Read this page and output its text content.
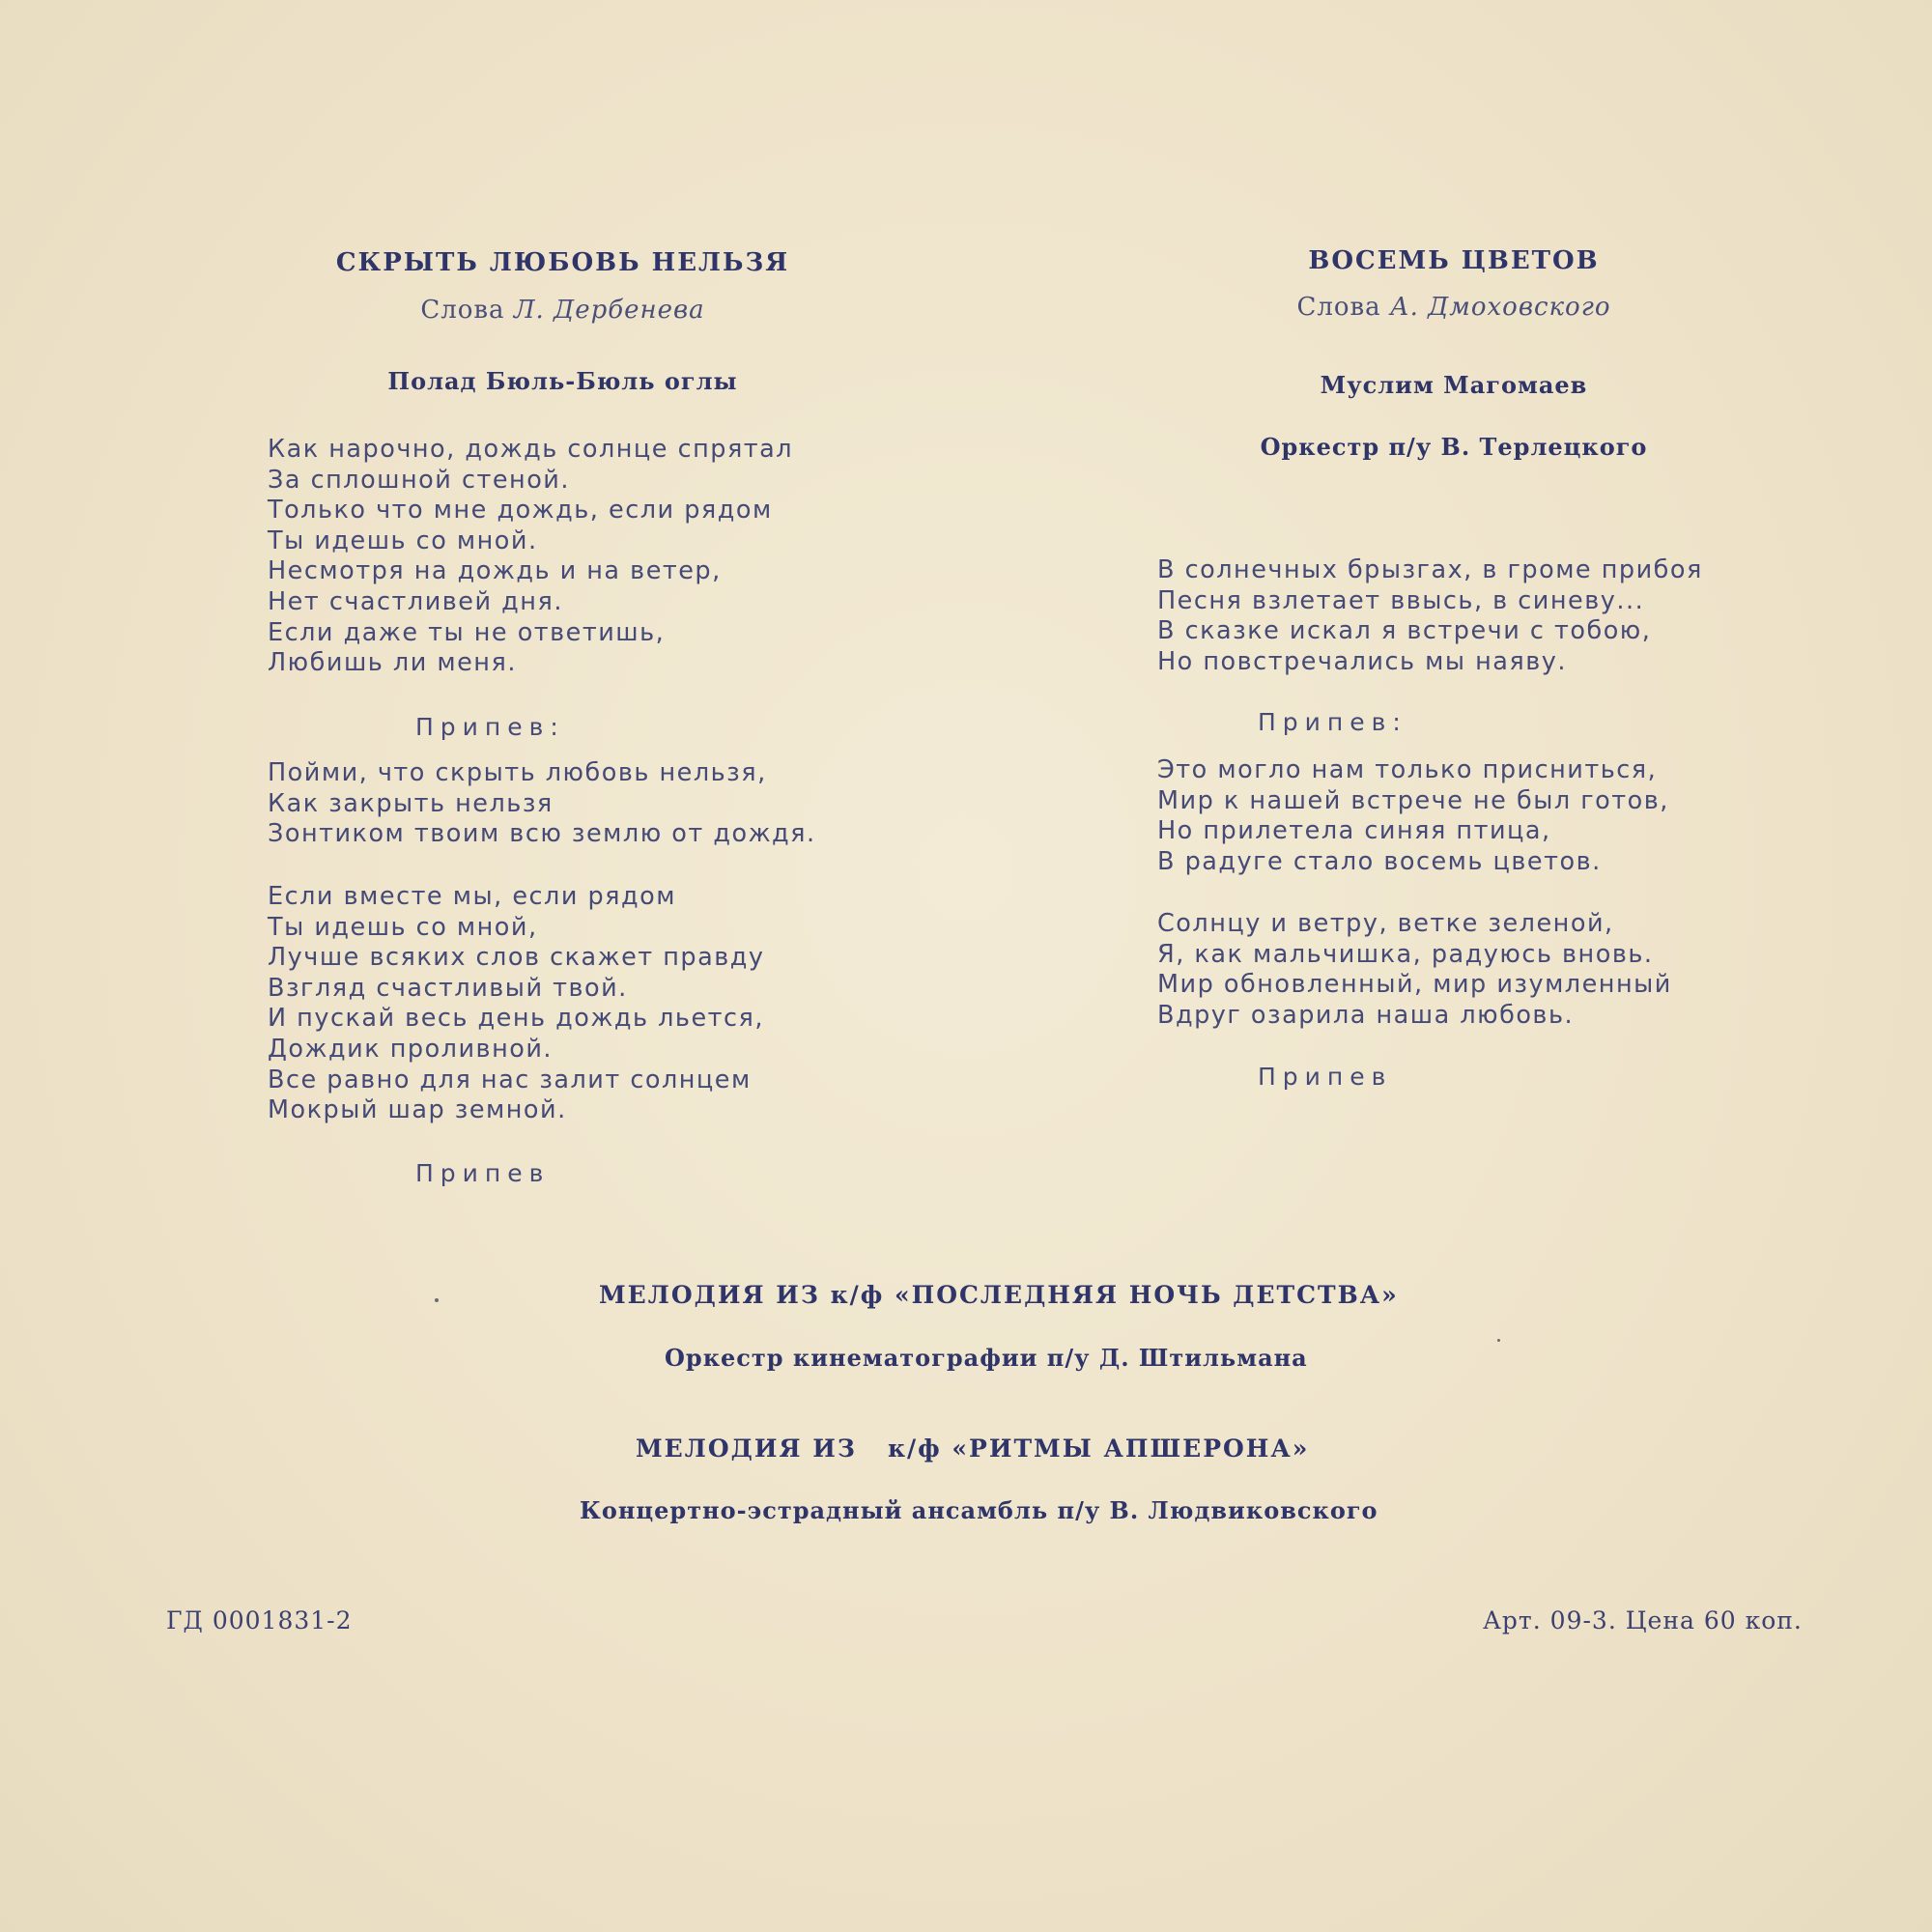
СКРЫТЬ ЛЮБОВЬ НЕЛЬЗЯ
Слова Л. Дербенева
Полад Бюль-Бюль оглы
Как нарочно, дождь солнце спрятал
За сплошной стеной.
Только что мне дождь, если рядом
Ты идешь со мной.
Несмотря на дождь и на ветер,
Нет счастливей дня.
Если даже ты не ответишь,
Любишь ли меня.
Припев:
Пойми, что скрыть любовь нельзя,
Как закрыть нельзя
Зонтиком твоим всю землю от дождя.
Если вместе мы, если рядом
Ты идешь со мной,
Лучше всяких слов скажет правду
Взгляд счастливый твой.
И пускай весь день дождь льется,
Дождик проливной.
Все равно для нас залит солнцем
Мокрый шар земной.
Припев
ВОСЕМЬ ЦВЕТОВ
Слова А. Дмоховского
Муслим Магомаев
Оркестр п/у В. Терлецкого
В солнечных брызгах, в громе прибоя
Песня взлетает ввысь, в синеву...
В сказке искал я встречи с тобою,
Но повстречались мы наяву.
Припев:
Это могло нам только присниться,
Мир к нашей встрече не был готов,
Но прилетела синяя птица,
В радуге стало восемь цветов.
Солнцу и ветру, ветке зеленой,
Я, как мальчишка, радуюсь вновь.
Мир обновленный, мир изумленный
Вдруг озарила наша любовь.
Припев
МЕЛОДИЯ ИЗ к/ф «ПОСЛЕДНЯЯ НОЧЬ ДЕТСТВА»
Оркестр кинематографии п/у Д. Штильмана
МЕЛОДИЯ ИЗ   к/ф «РИТМЫ АПШЕРОНА»
Концертно-эстрадный ансамбль п/у В. Людвиковского
ГД 0001831-2	Арт. 09-3. Цена 60 коп.
